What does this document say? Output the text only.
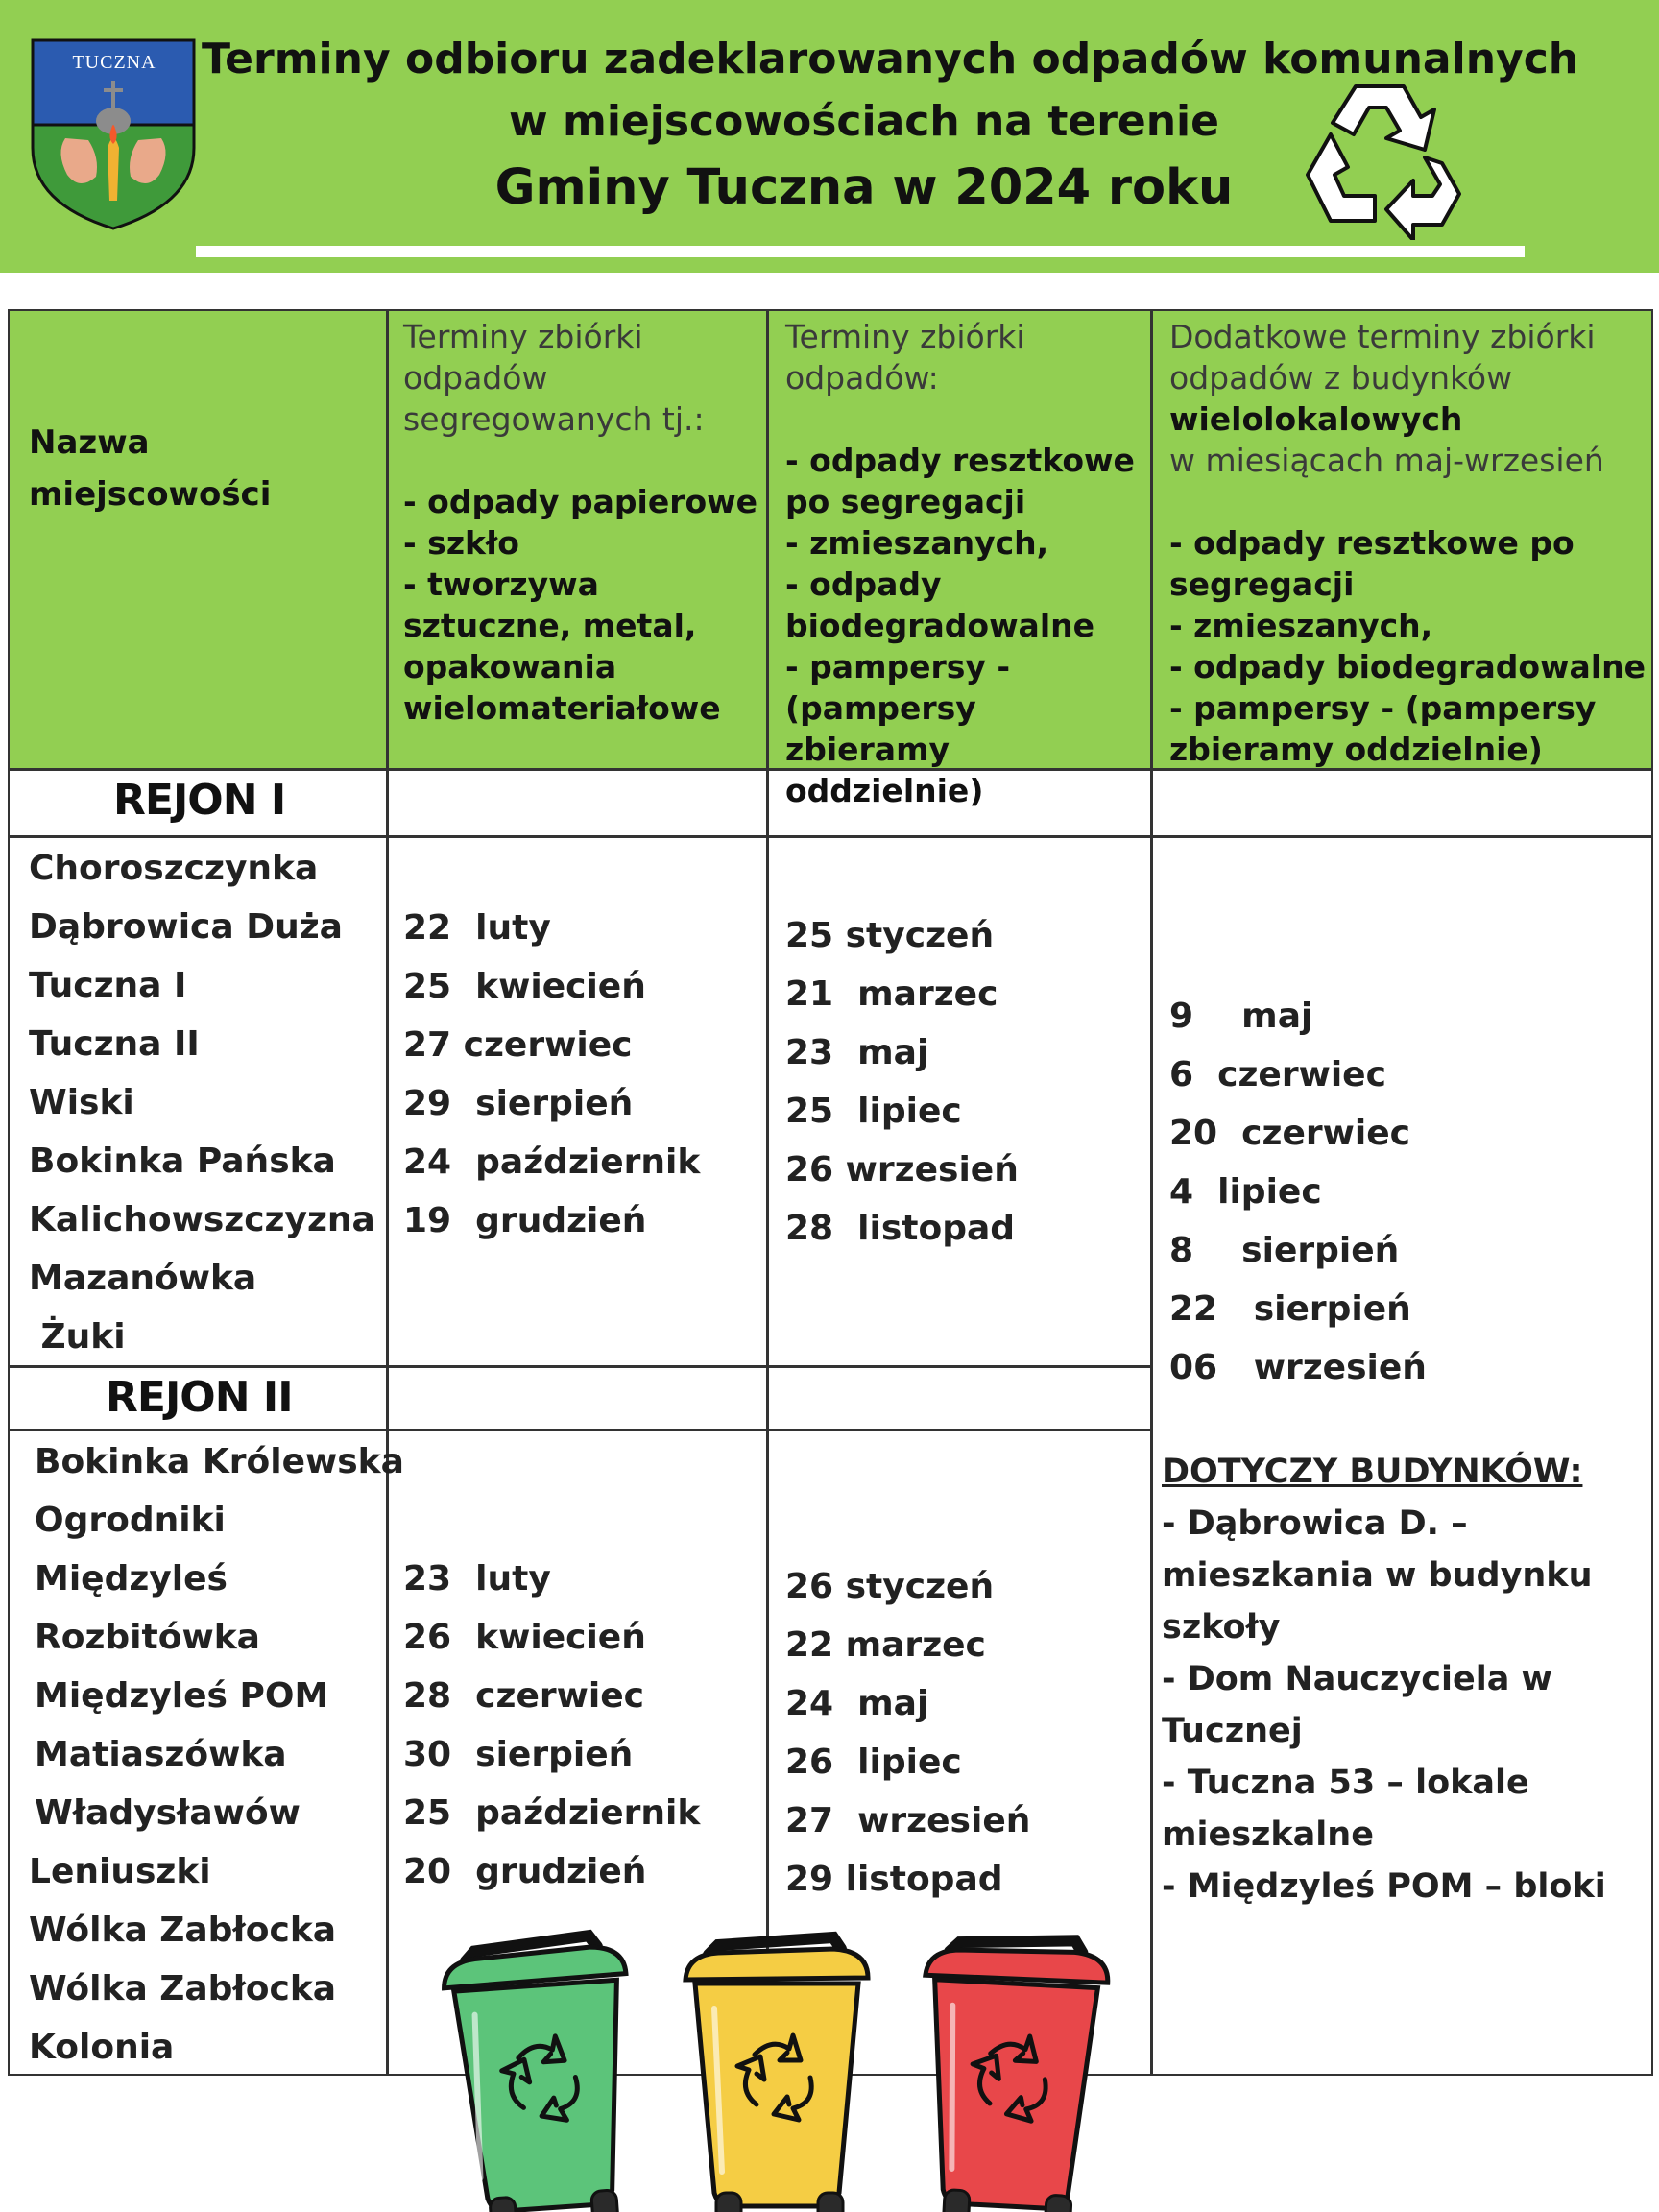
TUCZNA Terminy odbioru zadeklarowanych odpadów komunalnych
w miejscowościach na terenie
Gminy Tuczna w 2024 roku
Nazwa
miejscowości
Terminy zbiórki
odpadów
segregowanych tj.:
- odpady papierowe
- szkło
- tworzywa
sztuczne, metal,
opakowania
wielomateriałowe
Terminy zbiórki
odpadów:
- odpady resztkowe
po segregacji
- zmieszanych,
- odpady
biodegradowalne
- pampersy -
(pampersy zbieramy
oddzielnie)
Dodatkowe terminy zbiórki
odpadów z budynków
wielolokalowych
w miesiącach maj-wrzesień
- odpady resztkowe po
segregacji
- zmieszanych,
- odpady biodegradowalne
- pampersy - (pampersy
zbieramy oddzielnie)
REJON I
Choroszczynka
Dąbrowica Duża
Tuczna I
Tuczna II
Wiski
Bokinka Pańska
Kalichowszczyzna
Mazanówka
Żuki
22  luty
25  kwiecień
27 czerwiec
29  sierpień
24  październik
19  grudzień
25 styczeń
21  marzec
23  maj
25  lipiec
26 wrzesień
28  listopad
9    maj
6  czerwiec
20  czerwiec
4  lipiec
8    sierpień
22   sierpień
06   wrzesień
REJON II
Bokinka Królewska
Ogrodniki
Międzyleś
Rozbitówka
Międzyleś POM
Matiaszówka
Władysławów
Leniuszki
Wólka Zabłocka
Wólka Zabłocka
Kolonia
23  luty
26  kwiecień
28  czerwiec
30  sierpień
25  październik
20  grudzień
26 styczeń
22 marzec
24  maj
26  lipiec
27  wrzesień
29 listopad
DOTYCZY BUDYNKÓW:
- Dąbrowica D. –
mieszkania w budynku
szkoły
- Dom Nauczyciela w
Tucznej
- Tuczna 53 – lokale
mieszkalne
- Międzyleś POM – bloki
